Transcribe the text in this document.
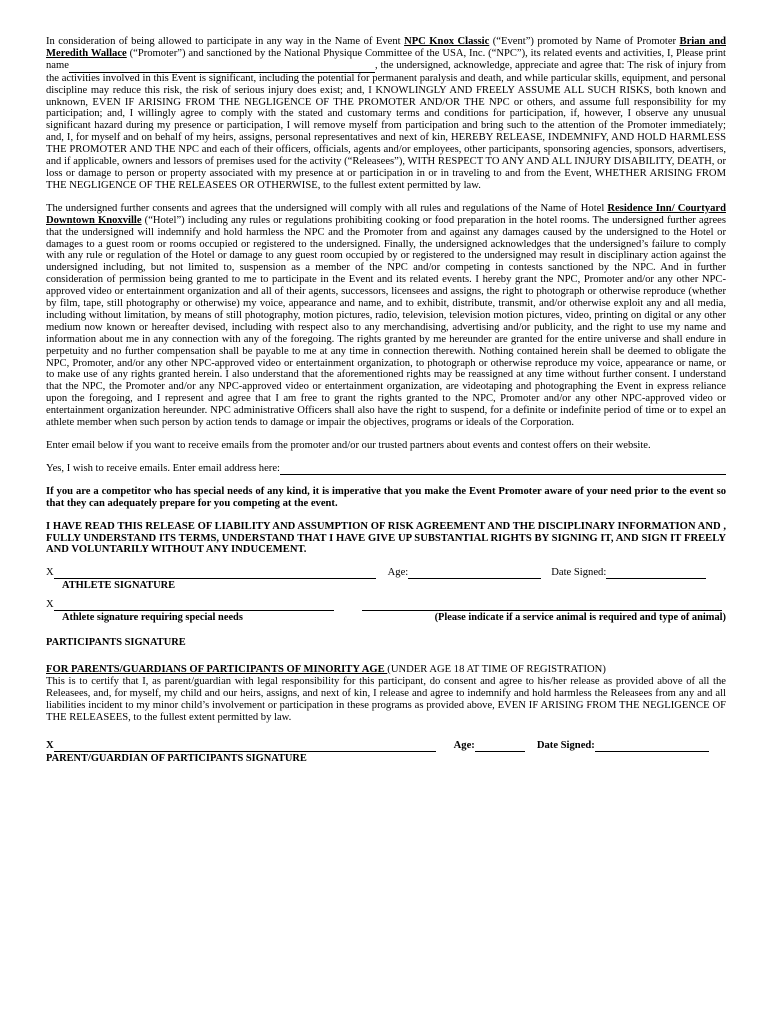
In consideration of being allowed to participate in any way in the Name of Event NPC Knox Classic (“Event”) promoted by Name of Promoter Brian and Meredith Wallace (“Promoter”) and sanctioned by the National Physique Committee of the USA, Inc. (“NPC”), its related events and activities, I, Please print name	, the undersigned, acknowledge, appreciate and agree that: The risk of injury from the activities involved in this Event is significant, including the potential for permanent paralysis and death, and while particular skills, equipment, and personal discipline may reduce this risk, the risk of serious injury does exist; and, I KNOWLINGLY AND FREELY ASSUME ALL SUCH RISKS, both known and unknown, EVEN IF ARISING FROM THE NEGLIGENCE OF THE PROMOTER AND/OR THE NPC or others, and assume full responsibility for my participation; and, I willingly agree to comply with the stated and customary terms and conditions for participation, if, however, I observe any unusual significant hazard during my presence or participation, I will remove myself from participation and bring such to the attention of the Promoter immediately; and, I, for myself and on behalf of my heirs, assigns, personal representatives and next of kin, HEREBY RELEASE, INDEMNIFY, AND HOLD HARMLESS THE PROMOTER AND THE NPC and each of their officers, officials, agents and/or employees, other participants, sponsoring agencies, sponsors, advertisers, and if applicable, owners and lessors of premises used for the activity (“Releasees”), WITH RESPECT TO ANY AND ALL INJURY DISABILITY, DEATH, or loss or damage to person or property associated with my presence at or participation in or in traveling to and from the Event, WHETHER ARISING FROM THE NEGLIGENCE OF THE RELEASEES OR OTHERWISE, to the fullest extent permitted by law.

The undersigned further consents and agrees that the undersigned will comply with all rules and regulations of the Name of Hotel Residence Inn/ Courtyard Downtown Knoxville (“Hotel”) including any rules or regulations prohibiting cooking or food preparation in the hotel rooms. The undersigned further agrees that the undersigned will indemnify and hold harmless the NPC and the Promoter from and against any damages caused by the undersigned to the Hotel or damages to a guest room or rooms occupied or registered to the undersigned. Finally, the undersigned acknowledges that the undersigned’s failure to comply with any rule or regulation of the Hotel or damage to any guest room occupied by or registered to the undersigned may result in disciplinary action against the undersigned including, but not limited to, suspension as a member of the NPC and/or competing in contests sanctioned by the NPC. And in further consideration of permission being granted to me to participate in the Event and its related events. I hereby grant the NPC, Promoter and/or any other NPC-approved video or entertainment organization and all of their agents, successors, licensees and assigns, the right to photograph or otherwise reproduce (whether by film, tape, still photography or otherwise) my voice, appearance and name, and to exhibit, distribute, transmit, and/or otherwise exploit any and all media, including without limitation, by means of still photography, motion pictures, radio, television, television motion pictures, video, printing on digital or any other medium now known or hereafter devised, including with respect also to any merchandising, advertising and/or publicity, and the right to use my name and information about me in any connection with any of the foregoing. The rights granted by me hereunder are granted for the entire universe and shall endure in perpetuity and no further compensation shall be payable to me at any time in connection therewith. Nothing contained herein shall be deemed to obligate the NPC, Promoter, and/or any other NPC-approved video or entertainment organization, to photograph or otherwise reproduce my voice, appearance or name, or to make use of any rights granted herein. I also understand that the aforementioned rights may be reassigned at any time without further consent. I understand that the NPC, the Promoter and/or any NPC-approved video or entertainment organization, are videotaping and photographing the Event in express reliance upon the foregoing, and I represent and agree that I am free to grant the rights granted to the NPC, Promoter and/or any other NPC-approved video or entertainment organization hereunder. NPC administrative Officers shall also have the right to suspend, for a definite or indefinite period of time or to expel an athlete member when such person by action tends to damage or impair the objectives, programs or ideals of the Corporation.

Enter email below if you want to receive emails from the promoter and/or our trusted partners about events and contest offers on their website.

Yes, I wish to receive emails. Enter email address here:

If you are a competitor who has special needs of any kind, it is imperative that you make the Event Promoter aware of your need prior to the event so that they can adequately prepare for you competing at the event.

I HAVE READ THIS RELEASE OF LIABILITY AND ASSUMPTION OF RISK AGREEMENT AND THE DISCIPLINARY INFORMATION AND , FULLY UNDERSTAND ITS TERMS, UNDERSTAND THAT I HAVE GIVE UP SUBSTANTIAL RIGHTS BY SIGNING IT, AND SIGN IT FREELY AND VOLUNTARILY WITHOUT ANY INDUCEMENT.

X	Age:	Date Signed:
ATHLETE SIGNATURE
X
Athlete signature requiring special needs	(Please indicate if a service animal is required and type of animal)
PARTICIPANTS SIGNATURE

FOR PARENTS/GUARDIANS OF PARTICIPANTS OF MINORITY AGE (UNDER AGE 18 AT TIME OF REGISTRATION)

This is to certify that I, as parent/guardian with legal responsibility for this participant, do consent and agree to his/her release as provided above of all the Releasees, and, for myself, my child and our heirs, assigns, and next of kin, I release and agree to indemnify and hold harmless the Releasees from any and all liabilities incident to my minor child’s involvement or participation in these programs as provided above, EVEN IF ARISING FROM THE NEGLIGENCE OF THE RELEASEES, to the fullest extent permitted by law.

X	Age:	Date Signed:
PARENT/GUARDIAN OF PARTICIPANTS SIGNATURE
